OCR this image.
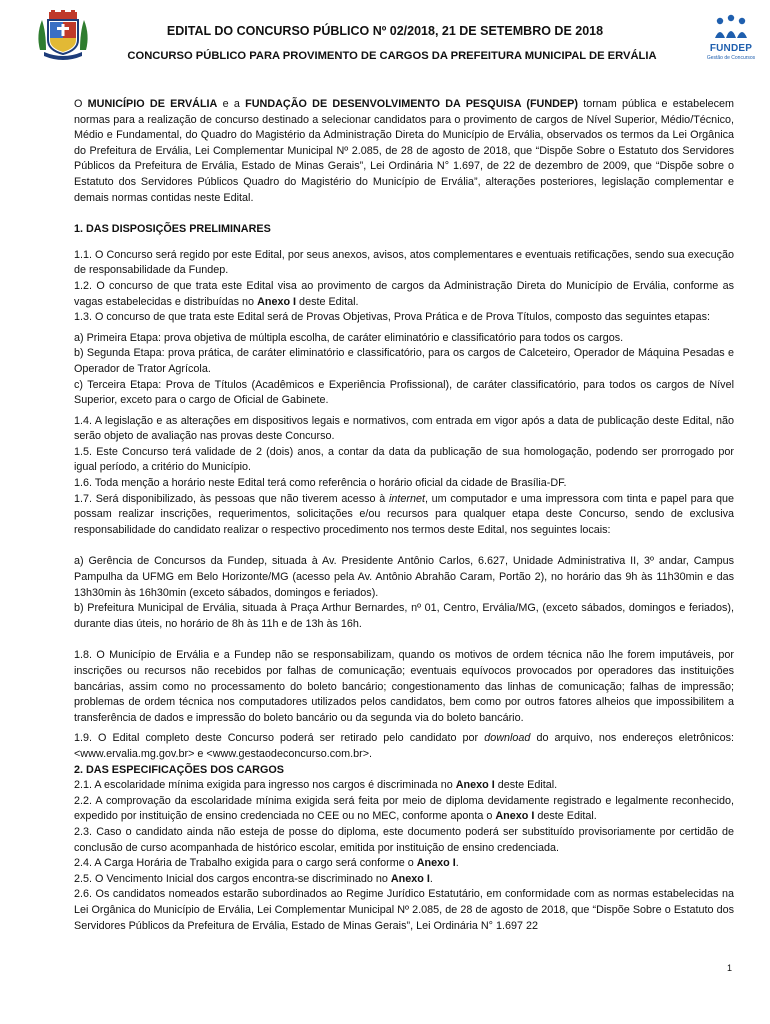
EDITAL DO CONCURSO PÚBLICO Nº 02/2018, 21 DE SETEMBRO DE 2018
CONCURSO PÚBLICO PARA PROVIMENTO DE CARGOS DA PREFEITURA MUNICIPAL DE ERVÁLIA
FUNDEP
Gestão de Concursos

O MUNICÍPIO DE ERVÁLIA e a FUNDAÇÃO DE DESENVOLVIMENTO DA PESQUISA (FUNDEP) tornam pública e estabelecem normas para a realização de concurso destinado a selecionar candidatos para o provimento de cargos de Nível Superior, Médio/Técnico, Médio e Fundamental, do Quadro do Magistério da Administração Direta do Município de Ervália, observados os termos da Lei Orgânica do Prefeitura de Ervália, Lei Complementar Municipal Nº 2.085, de 28 de agosto de 2018, que “Dispõe Sobre o Estatuto dos Servidores Públicos da Prefeitura de Ervália, Estado de Minas Gerais”, Lei Ordinária N° 1.697, de 22 de dezembro de 2009, que “Dispõe sobre o Estatuto dos Servidores Públicos Quadro do Magistério do Município de Ervália”, alterações posteriores, legislação complementar e demais normas contidas neste Edital.

1. DAS DISPOSIÇÕES PRELIMINARES

1.1. O Concurso será regido por este Edital, por seus anexos, avisos, atos complementares e eventuais retificações, sendo sua execução de responsabilidade da Fundep.

1.2. O concurso de que trata este Edital visa ao provimento de cargos da Administração Direta do Município de Ervália, conforme as vagas estabelecidas e distribuídas no Anexo I deste Edital.

1.3. O concurso de que trata este Edital será de Provas Objetivas, Prova Prática e de Prova Títulos, composto das seguintes etapas:

a) Primeira Etapa: prova objetiva de múltipla escolha, de caráter eliminatório e classificatório para todos os cargos.

b) Segunda Etapa: prova prática, de caráter eliminatório e classificatório, para os cargos de Calceteiro, Operador de Máquina Pesadas e Operador de Trator Agrícola.

c) Terceira Etapa: Prova de Títulos (Acadêmicos e Experiência Profissional), de caráter classificatório, para todos os cargos de Nível Superior, exceto para o cargo de Oficial de Gabinete.

1.4. A legislação e as alterações em dispositivos legais e normativos, com entrada em vigor após a data de publicação deste Edital, não serão objeto de avaliação nas provas deste Concurso.

1.5. Este Concurso terá validade de 2 (dois) anos, a contar da data da publicação de sua homologação, podendo ser prorrogado por igual período, a critério do Município.

1.6. Toda menção a horário neste Edital terá como referência o horário oficial da cidade de Brasília-DF.

1.7. Será disponibilizado, às pessoas que não tiverem acesso à internet, um computador e uma impressora com tinta e papel para que possam realizar inscrições, requerimentos, solicitações e/ou recursos para qualquer etapa deste Concurso, sendo de exclusiva responsabilidade do candidato realizar o respectivo procedimento nos termos deste Edital, nos seguintes locais:

a) Gerência de Concursos da Fundep, situada à Av. Presidente Antônio Carlos, 6.627, Unidade Administrativa II, 3º andar, Campus Pampulha da UFMG em Belo Horizonte/MG (acesso pela Av. Antônio Abrahão Caram, Portão 2), no horário das 9h às 11h30min e das 13h30min às 16h30min (exceto sábados, domingos e feriados).

b) Prefeitura Municipal de Ervália, situada à Praça Arthur Bernardes, nº 01, Centro, Ervália/MG, (exceto sábados, domingos e feriados), durante dias úteis, no horário de 8h às 11h e de 13h às 16h.

1.8. O Município de Ervália e a Fundep não se responsabilizam, quando os motivos de ordem técnica não lhe forem imputáveis, por inscrições ou recursos não recebidos por falhas de comunicação; eventuais equívocos provocados por operadores das instituições bancárias, assim como no processamento do boleto bancário; congestionamento das linhas de comunicação; falhas de impressão; problemas de ordem técnica nos computadores utilizados pelos candidatos, bem como por outros fatores alheios que impossibilitem a transferência de dados e impressão do boleto bancário ou da segunda via do boleto bancário.

1.9. O Edital completo deste Concurso poderá ser retirado pelo candidato por download do arquivo, nos endereços eletrônicos: <www.ervalia.mg.gov.br> e <www.gestaodeconcurso.com.br>.

2. DAS ESPECIFICAÇÕES DOS CARGOS

2.1. A escolaridade mínima exigida para ingresso nos cargos é discriminada no Anexo I deste Edital.

2.2. A comprovação da escolaridade mínima exigida será feita por meio de diploma devidamente registrado e legalmente reconhecido, expedido por instituição de ensino credenciada no CEE ou no MEC, conforme aponta o Anexo I deste Edital.

2.3. Caso o candidato ainda não esteja de posse do diploma, este documento poderá ser substituído provisoriamente por certidão de conclusão de curso acompanhada de histórico escolar, emitida por instituição de ensino credenciada.

2.4. A Carga Horária de Trabalho exigida para o cargo será conforme o Anexo I.

2.5. O Vencimento Inicial dos cargos encontra-se discriminado no Anexo I.

2.6. Os candidatos nomeados estarão subordinados ao Regime Jurídico Estatutário, em conformidade com as normas estabelecidas na Lei Orgânica do Município de Ervália, Lei Complementar Municipal Nº 2.085, de 28 de agosto de 2018, que “Dispõe Sobre o Estatuto dos Servidores Públicos da Prefeitura de Ervália, Estado de Minas Gerais”, Lei Ordinária N° 1.697 22

1
